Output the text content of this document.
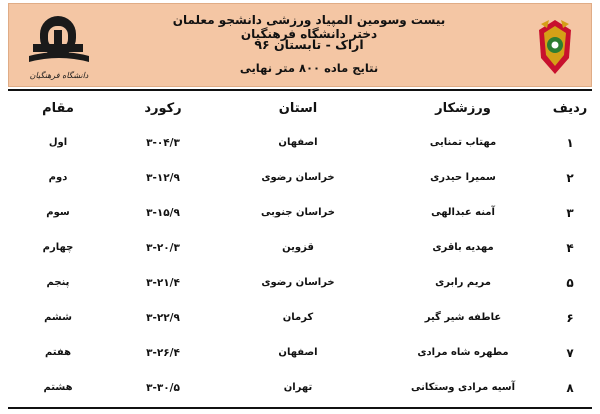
دانشگاه فرهنگیان
بیست وسومین المپیاد ورزشی دانشجو معلمان دختر دانشگاه فرهنگیان
اراک - تابستان ۹۶
نتایج ماده ۸۰۰ متر نهایی
ردیف
ورزشکار
استان
رکورد
مقام
۱
مهتاب تمنایی
اصفهان
۳-۰۴/۳
اول
۲
سمیرا حیدری
خراسان رضوی
۳-۱۲/۹
دوم
۳
آمنه عبدالهی
خراسان جنوبی
۳-۱۵/۹
سوم
۴
مهدیه باقری
قزوین
۳-۲۰/۳
چهارم
۵
مریم رابری
خراسان رضوی
۳-۲۱/۴
پنجم
۶
عاطفه شیر گیر
کرمان
۳-۲۲/۹
ششم
۷
مطهره شاه مرادی
اصفهان
۳-۲۶/۴
هفتم
۸
آسیه مرادی وستکانی
تهران
۳-۳۰/۵
هشتم
